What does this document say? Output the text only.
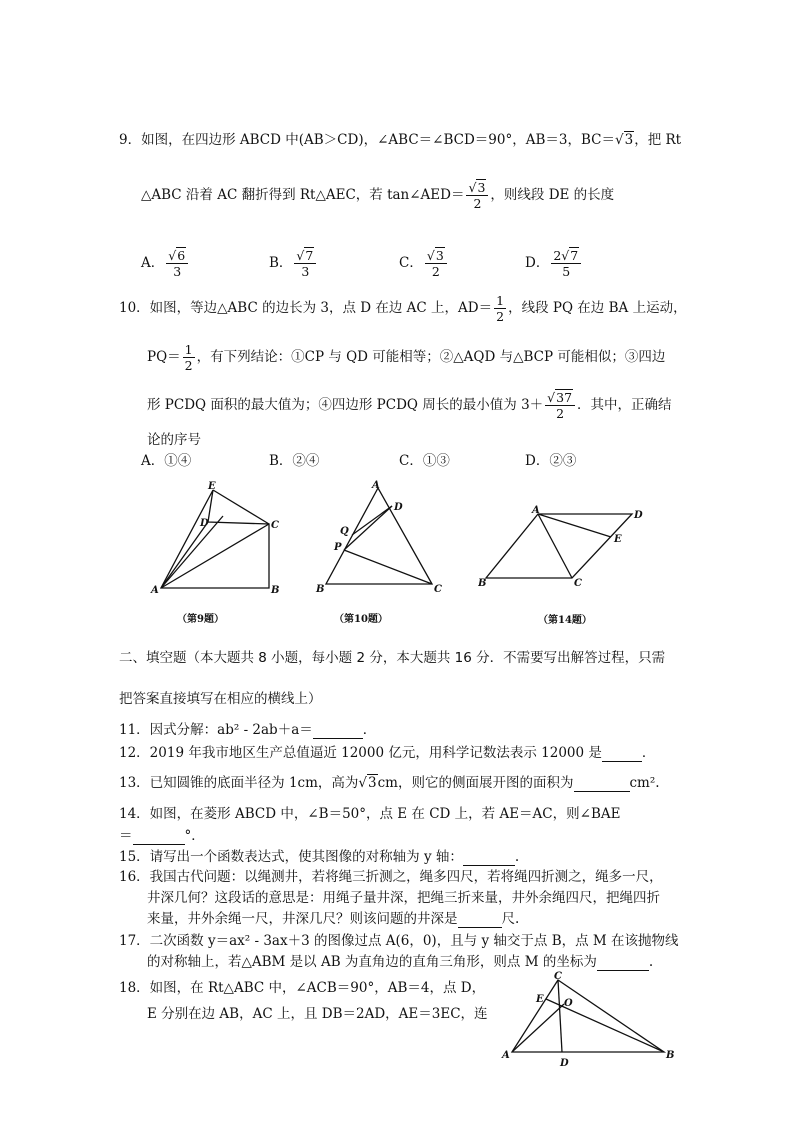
9．如图，在四边形 ABCD 中(AB＞CD)，∠ABC＝∠BCD＝90°，AB＝3，BC＝√3，把 Rt
△ABC 沿着 AC 翻折得到 Rt△AEC，若 tan∠AED＝ $\frac{√3}{2}$ ，则线段 DE 的长度
A． $\frac{√6}{3}$	B． $\frac{√7}{3}$	C． $\frac{√3}{2}$	D． $\frac{2√7}{5}$
10．如图，等边△ABC 的边长为 3，点 D 在边 AC 上，$AD= \frac{1}{2}$ ，线段 PQ 在边 BA 上运动，
$PQ= \frac{1}{2}$ ，有下列结论：①CP 与 QD 可能相等；②△AQD 与△BCP 可能相似；③四边
形 PCDQ 面积的最大值为；④四边形 PCDQ 周长的最小值为 $3+ \frac{√37}{2}$ ．其中，正确结
论的序号
A．①④	B．②④	C．①③	D．②③
E
D	C
A	B
（第9题）
A
D
Q
P
B	C
（第10题）
A	D
E
C
B
（第14题）
二、填空题（本大题共 8 小题，每小题 2 分，本大题共 16 分．不需要写出解答过程，只需
把答案直接填写在相应的横线上）
11．因式分解：ab² - 2ab＋a＝	．
12．2019 年我市地区生产总值逼近 12000 亿元，用科学记数法表示 12000 是	．
13．已知圆锥的底面半径为 1cm，高为√3cm，则它的侧面展开图的面积为	cm².
14．如图，在菱形 ABCD 中，∠B＝50°，点 E 在 CD 上，若 AE＝AC，则∠BAE
＝	°．
15．请写出一个函数表达式，使其图像的对称轴为 y 轴：	.
16．我国古代问题：以绳测井，若将绳三折测之，绳多四尺，若将绳四折测之，绳多一尺，
井深几何？这段话的意思是：用绳子量井深，把绳三折来量，井外余绳四尺，把绳四折
来量，井外余绳一尺，井深几尺？则该问题的井深是	尺.
17．二次函数 y＝ax² - 3ax＋3 的图像过点 A(6，0)，且与 y 轴交于点 B，点 M 在该抛物线
的对称轴上，若△ABM 是以 AB 为直角边的直角三角形，则点 M 的坐标为	.
18．如图，在 Rt△ABC 中，∠ACB＝90°，AB＝4，点 D，
E 分别在边 AB，AC 上，且 DB＝2AD，AE＝3EC，连
C
E O
A	B
D
